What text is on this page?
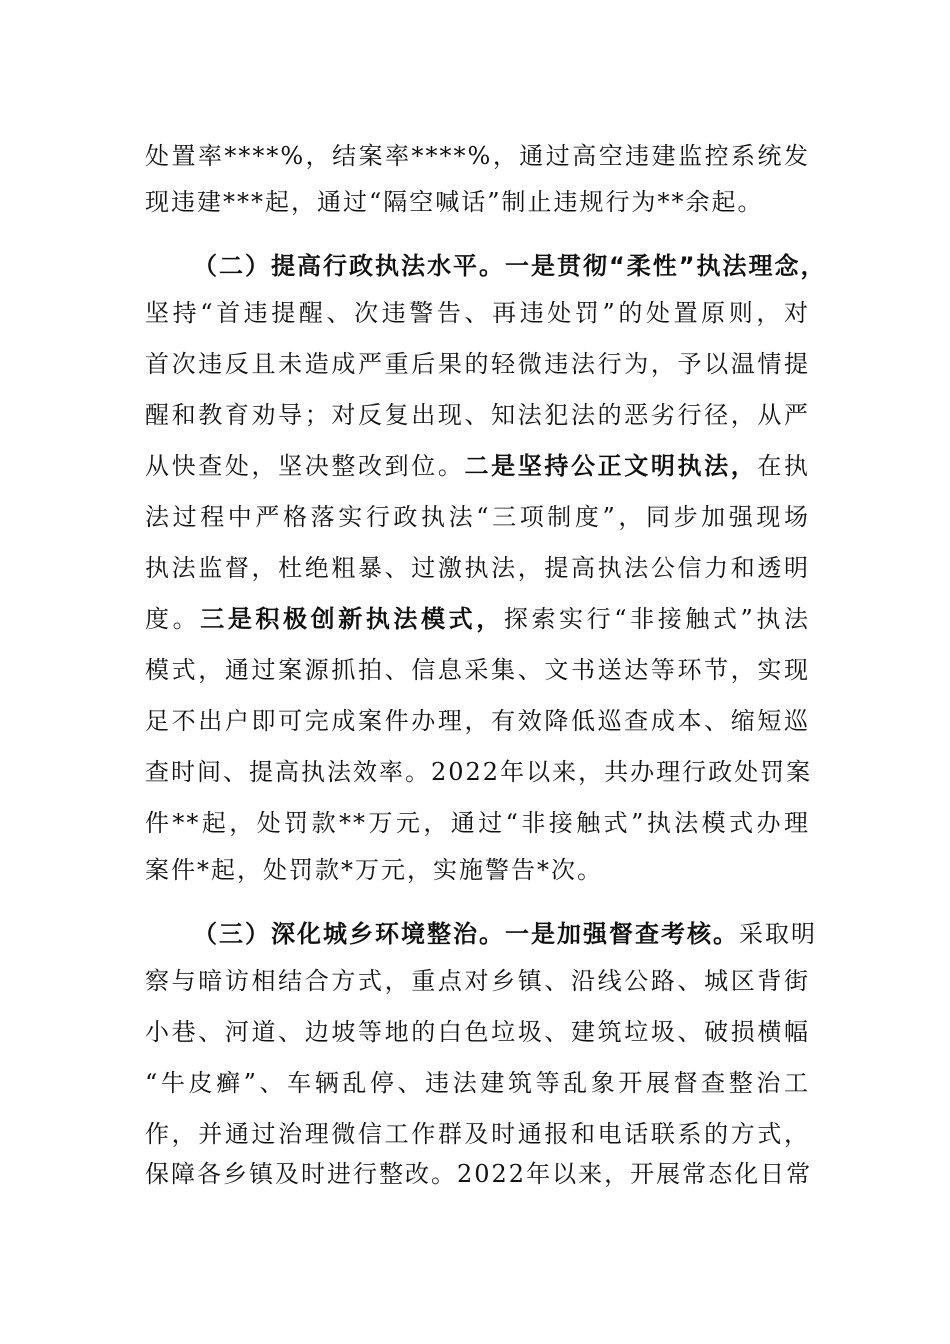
处置率****%，结案率****%，通过高空违建监控系统发
现违建***起，通过“隔空喊话”制止违规行为**余起。
（二）提高行政执法水平。一是贯彻“柔性”执法理念，
坚持“首违提醒、次违警告、再违处罚”的处置原则，对
首次违反且未造成严重后果的轻微违法行为，予以温情提
醒和教育劝导；对反复出现、知法犯法的恶劣行径，从严
从快查处，坚决整改到位。二是坚持公正文明执法，在执
法过程中严格落实行政执法“三项制度”，同步加强现场
执法监督，杜绝粗暴、过激执法，提高执法公信力和透明
度。三是积极创新执法模式，探索实行“非接触式”执法
模式，通过案源抓拍、信息采集、文书送达等环节，实现
足不出户即可完成案件办理，有效降低巡查成本、缩短巡
查时间、提高执法效率。2022年以来，共办理行政处罚案
件**起，处罚款**万元，通过“非接触式”执法模式办理
案件*起，处罚款*万元，实施警告*次。
（三）深化城乡环境整治。一是加强督查考核。采取明
察与暗访相结合方式，重点对乡镇、沿线公路、城区背街
小巷、河道、边坡等地的白色垃圾、建筑垃圾、破损横幅
“牛皮癣”、车辆乱停、违法建筑等乱象开展督查整治工
作，并通过治理微信工作群及时通报和电话联系的方式，
保障各乡镇及时进行整改。2022年以来，开展常态化日常
